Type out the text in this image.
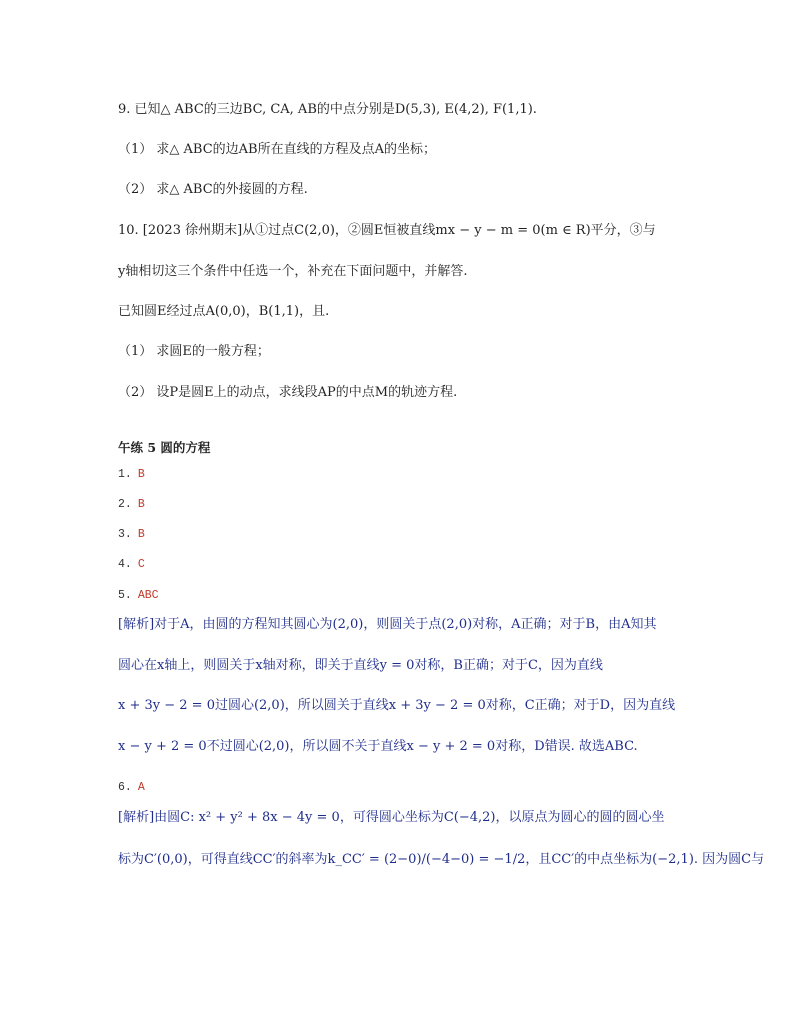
9. 已知△ ABC的三边BC, CA, AB的中点分别是D(5,3), E(4,2), F(1,1).
（1） 求△ ABC的边AB所在直线的方程及点A的坐标；
（2） 求△ ABC的外接圆的方程.
10. [2023 徐州期末]从①过点C(2,0)，②圆E恒被直线mx − y − m = 0(m ∈ R)平分，③与
y轴相切这三个条件中任选一个，补充在下面问题中，并解答.
已知圆E经过点A(0,0)，B(1,1)，且.
（1） 求圆E的一般方程；
（2） 设P是圆E上的动点，求线段AP的中点M的轨迹方程.
午练 5 圆的方程
1. B
2. B
3. B
4. C
5. ABC
[解析]对于A，由圆的方程知其圆心为(2,0)，则圆关于点(2,0)对称，A正确；对于B，由A知其
圆心在x轴上，则圆关于x轴对称，即关于直线y = 0对称，B正确；对于C，因为直线
x + 3y − 2 = 0过圆心(2,0)，所以圆关于直线x + 3y − 2 = 0对称，C正确；对于D，因为直线
x − y + 2 = 0不过圆心(2,0)，所以圆不关于直线x − y + 2 = 0对称，D错误. 故选ABC.
6. A
[解析]由圆C: x² + y² + 8x − 4y = 0，可得圆心坐标为C(−4,2)，以原点为圆心的圆的圆心坐
标为C′(0,0)，可得直线CC′的斜率为k_CC′ = (2−0)/(−4−0) = −1/2，且CC′的中点坐标为(−2,1). 因为圆C与
